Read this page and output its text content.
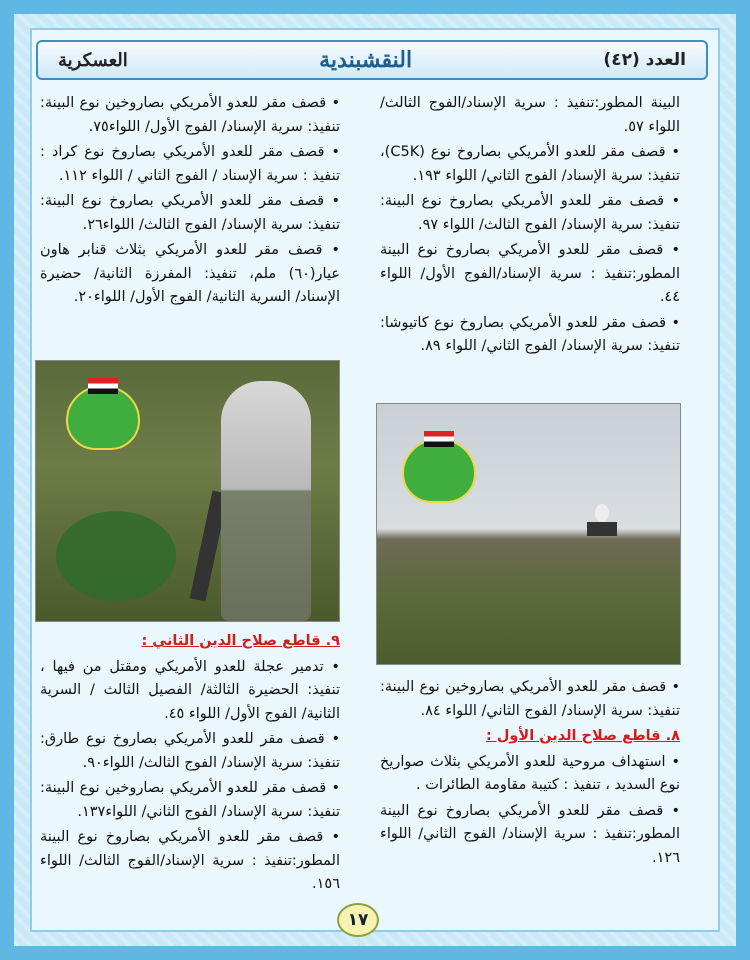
العسكرية	النقشبندية	العدد (٤٢)

البينة المطور:تنفيذ : سرية الإسناد/الفوج الثالث/ اللواء ٥٧.

• قصف مقر للعدو الأمريكي بصاروخ نوع (C5K)، تنفيذ: سرية الإسناد/ الفوج الثاني/ اللواء ١٩٣.

• قصف مقر للعدو الأمريكي بصاروخ نوع البينة: تنفيذ: سرية الإسناد/ الفوج الثالث/ اللواء ٩٧.

• قصف مقر للعدو الأمريكي بصاروخ نوع البينة المطور:تنفيذ : سرية الإسناد/الفوج الأول/ اللواء ٤٤.

• قصف مقر للعدو الأمريكي بصاروخ نوع كاتيوشا: تنفيذ: سرية الإسناد/ الفوج الثاني/ اللواء ٨٩.

• قصف مقر للعدو الأمريكي بصاروخين نوع البينة: تنفيذ: سرية الإسناد/ الفوج الثاني/ اللواء ٨٤.

٨. قاطع صلاح الدين الأول :

• استهداف مروحية للعدو الأمريكي بثلاث صواريخ نوع السديد ، تنفيذ : كتيبة مقاومة الطائرات .

• قصف مقر للعدو الأمريكي بصاروخ نوع البينة المطور:تنفيذ : سرية الإسناد/ الفوج الثاني/ اللواء ١٢٦.

• قصف مقر للعدو الأمريكي بصاروخين نوع البينة: تنفيذ: سرية الإسناد/ الفوج الأول/ اللواء٧٥.

• قصف مقر للعدو الأمريكي بصاروخ نوع كراد : تنفيذ : سرية الإسناد / الفوج الثاني / اللواء ١١٢.

• قصف مقر للعدو الأمريكي بصاروخ نوع البينة: تنفيذ: سرية الإسناد/ الفوج الثالث/ اللواء٢٦.

• قصف مقر للعدو الأمريكي بثلاث قنابر هاون عيار(٦٠) ملم، تنفيذ: المفرزة الثانية/ حضيرة الإسناد/ السرية الثانية/ الفوج الأول/ اللواء٢٠.

٩. قاطع صلاح الدين الثاني :

• تدمير عجلة للعدو الأمريكي ومقتل من فيها ، تنفيذ: الحضيرة الثالثة/ الفصيل الثالث / السرية الثانية/ الفوج الأول/ اللواء ٤٥.

• قصف مقر للعدو الأمريكي بصاروخ نوع طارق: تنفيذ: سرية الإسناد/ الفوج الثالث/ اللواء٩٠.

• قصف مقر للعدو الأمريكي بصاروخين نوع البينة: تنفيذ: سرية الإسناد/ الفوج الثاني/ اللواء١٣٧.

• قصف مقر للعدو الأمريكي بصاروخ نوع البينة المطور:تنفيذ : سرية الإسناد/الفوج الثالث/ اللواء ١٥٦.

١٧
